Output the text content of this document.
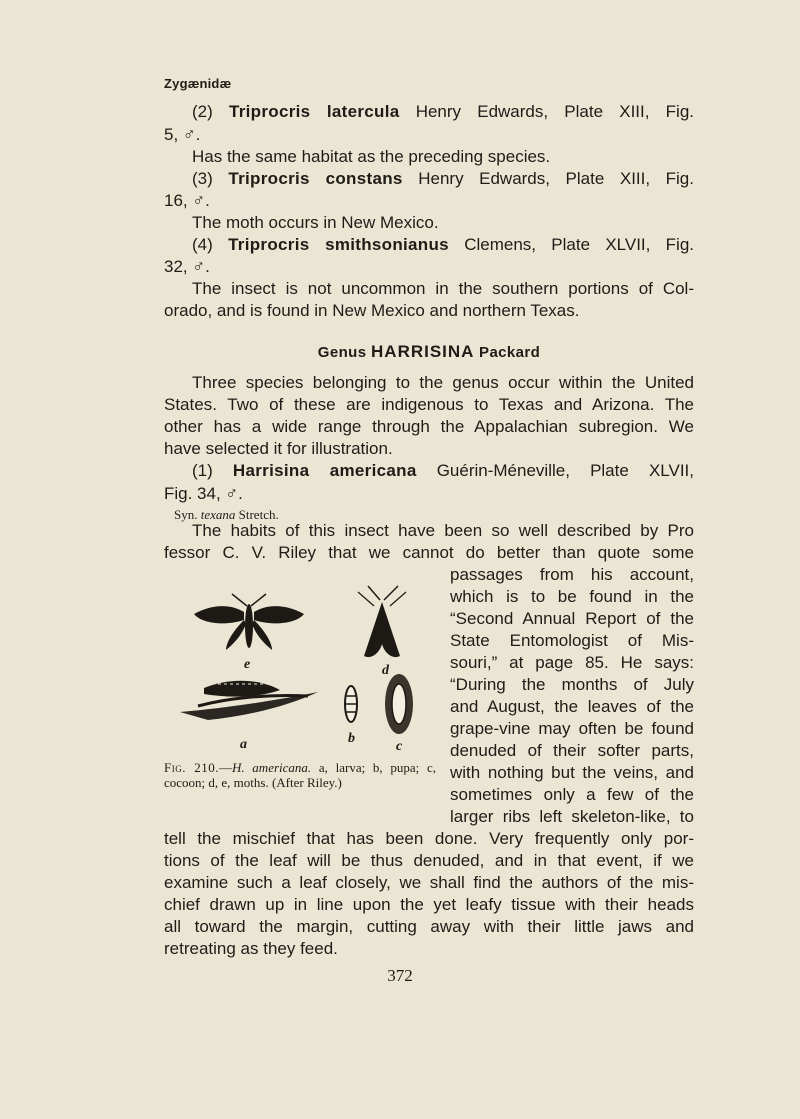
Zygænidæ
(2) Triprocris latercula Henry Edwards, Plate XIII, Fig.
5, ♂.
Has the same habitat as the preceding species.
(3) Triprocris constans Henry Edwards, Plate XIII, Fig.
16, ♂.
The moth occurs in New Mexico.
(4) Triprocris smithsonianus Clemens, Plate XLVII, Fig.
32, ♂.
The insect is not uncommon in the southern portions of Col-
orado, and is found in New Mexico and northern Texas.
Genus HARRISINA Packard
Three species belonging to the genus occur within the United
States. Two of these are indigenous to Texas and Arizona. The
other has a wide range through the Appalachian subregion. We
have selected it for illustration.
(1) Harrisina americana Guérin-Méneville, Plate XLVII,
Fig. 34, ♂.
Syn. texana Stretch.
The habits of this insect have been so well described by Pro
fessor C. V. Riley that we cannot do better than quote some
passages from his account,
which is to be found in the
“Second Annual Report of the
State Entomologist of Mis-
souri,” at page 85. He says:
“During the months of July
and August, the leaves of the
grape-vine may often be found
denuded of their softer parts,
with nothing but the veins, and
sometimes only a few of the
larger ribs left skeleton-like, to
tell the mischief that has been done. Very frequently only por-
tions of the leaf will be thus denuded, and in that event, if we
examine such a leaf closely, we shall find the authors of the mis-
chief drawn up in line upon the yet leafy tissue with their heads
all toward the margin, cutting away with their little jaws and
retreating as they feed.
e	d
a	b
c
Fig. 210.—H. americana. a, larva; b, pupa; c, cocoon; d, e, moths. (After Riley.)
372
